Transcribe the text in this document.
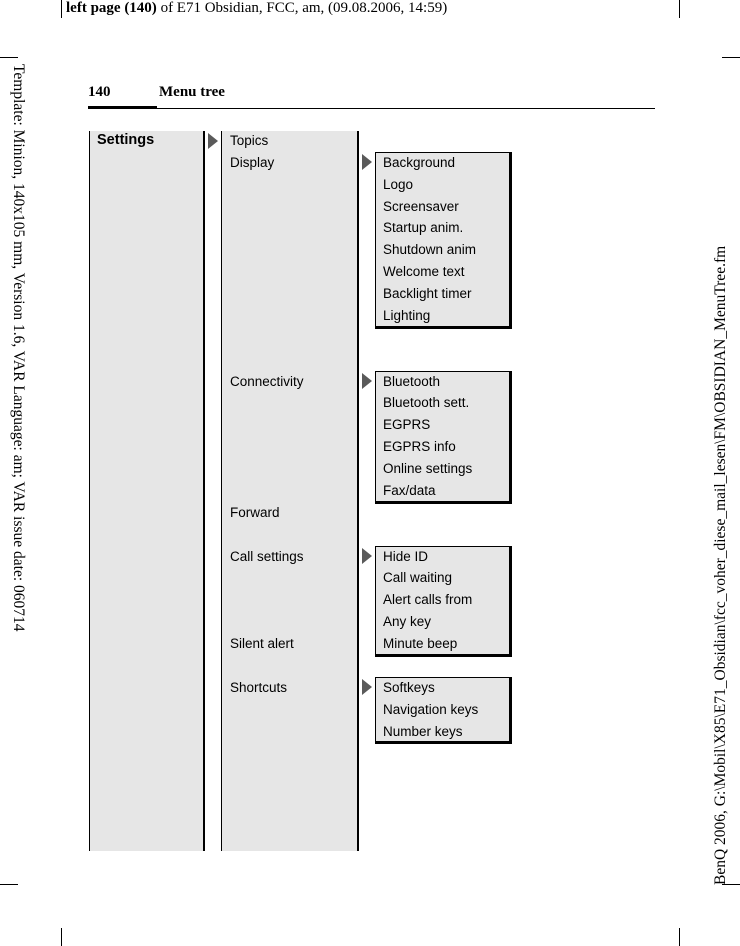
left page (140) of E71 Obsidian, FCC, am, (09.08.2006, 14:59)
Template: Minion, 140x105 mm, Version 1.6, VAR Language: am; VAR issue date: 060714	BenQ 2006, G:\Mobil\X85\E71_Obsidian\fcc_voher_diese_mail_lesen\FM\OBSIDIAN_MenuTree.fm
140	Menu tree
Settings	Topics
Display
Connectivity
Forward
Call settings
Silent alert
Shortcuts
Background
Logo
Screensaver
Startup anim.
Shutdown anim
Welcome text
Backlight timer
Lighting
Bluetooth
Bluetooth sett.
EGPRS
EGPRS info
Online settings
Fax/data
Hide ID
Call waiting
Alert calls from
Any key
Minute beep
Softkeys
Navigation keys
Number keys
